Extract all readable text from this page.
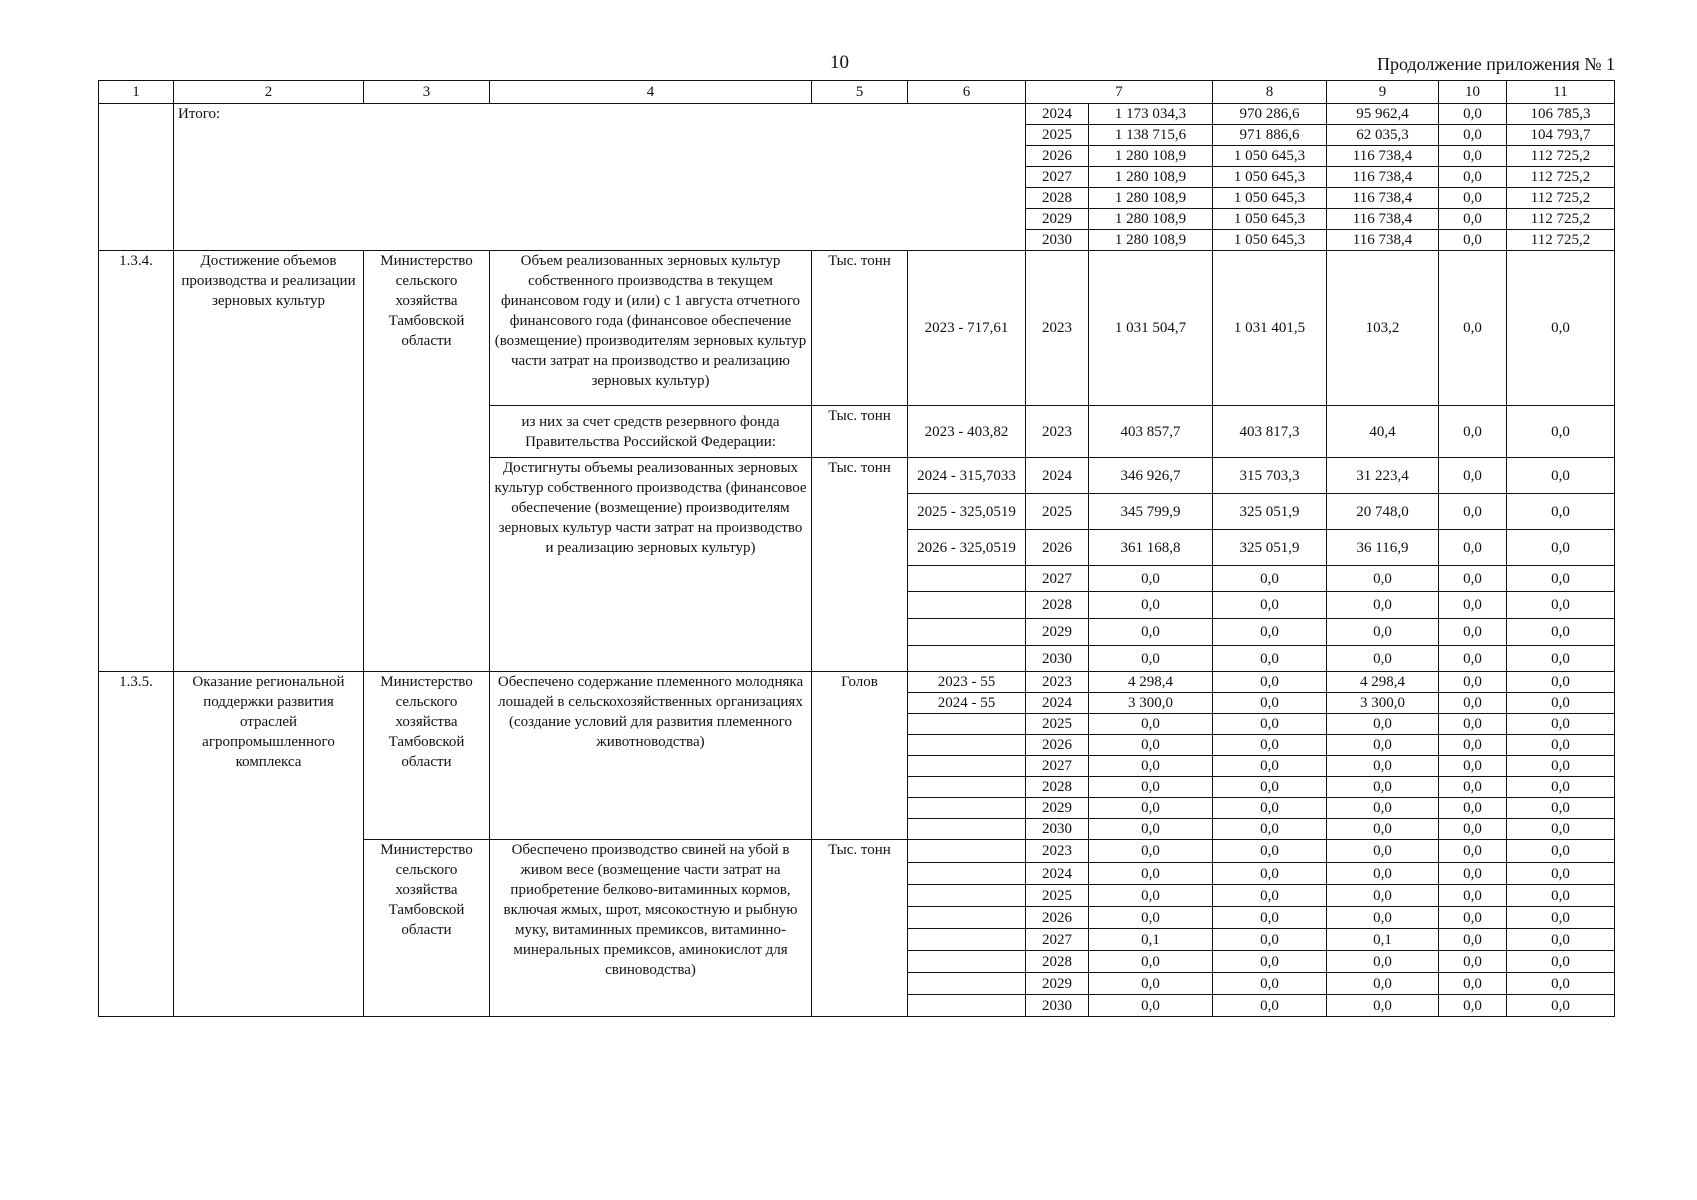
10	Продолжение приложения № 1
1	2	3	4	5	6	7		8	9	10	11
	Итого:					2024	1 173 034,3	970 286,6	95 962,4	0,0	106 785,3
						2025	1 138 715,6	971 886,6	62 035,3	0,0	104 793,7
						2026	1 280 108,9	1 050 645,3	116 738,4	0,0	112 725,2
						2027	1 280 108,9	1 050 645,3	116 738,4	0,0	112 725,2
						2028	1 280 108,9	1 050 645,3	116 738,4	0,0	112 725,2
						2029	1 280 108,9	1 050 645,3	116 738,4	0,0	112 725,2
						2030	1 280 108,9	1 050 645,3	116 738,4	0,0	112 725,2
1.3.4.	Достижение объемов производства и реализации зерновых культур	Министерство сельского хозяйства Тамбовской области	Объем реализованных зерновых культур собственного производства в текущем финансовом году и (или) с 1 августа отчетного финансового года (финансовое обеспечение (возмещение) производителям зерновых культур части затрат на производство и реализацию зерновых культур)	Тыс. тонн	2023 - 717,61	2023	1 031 504,7	1 031 401,5	103,2	0,0	0,0
			из них за счет средств резервного фонда Правительства Российской Федерации:	Тыс. тонн	2023 - 403,82	2023	403 857,7	403 817,3	40,4	0,0	0,0
			Достигнуты объемы реализованных зерновых культур собственного производства (финансовое обеспечение (возмещение) производителям зерновых культур части затрат на производство и реализацию зерновых культур)	Тыс. тонн	2024 - 315,7033	2024	346 926,7	315 703,3	31 223,4	0,0	0,0
					2025 - 325,0519	2025	345 799,9	325 051,9	20 748,0	0,0	0,0
					2026 - 325,0519	2026	361 168,8	325 051,9	36 116,9	0,0	0,0
						2027	0,0	0,0	0,0	0,0	0,0
						2028	0,0	0,0	0,0	0,0	0,0
						2029	0,0	0,0	0,0	0,0	0,0
						2030	0,0	0,0	0,0	0,0	0,0
1.3.5.	Оказание региональной поддержки развития отраслей агропромышленного комплекса	Министерство сельского хозяйства Тамбовской области	Обеспечено содержание племенного молодняка лошадей в сельскохозяйственных организациях (создание условий для развития племенного животноводства)	Голов	2023 - 55	2023	4 298,4	0,0	4 298,4	0,0	0,0
					2024 - 55	2024	3 300,0	0,0	3 300,0	0,0	0,0
						2025	0,0	0,0	0,0	0,0	0,0
						2026	0,0	0,0	0,0	0,0	0,0
						2027	0,0	0,0	0,0	0,0	0,0
						2028	0,0	0,0	0,0	0,0	0,0
						2029	0,0	0,0	0,0	0,0	0,0
						2030	0,0	0,0	0,0	0,0	0,0
		Министерство сельского хозяйства Тамбовской области	Обеспечено производство свиней на убой в живом весе (возмещение части затрат на приобретение белково-витаминных кормов, включая жмых, шрот, мясокостную и рыбную муку, витаминных премиксов, витаминно-минеральных премиксов, аминокислот для свиноводства)	Тыс. тонн		2023	0,0	0,0	0,0	0,0	0,0
						2024	0,0	0,0	0,0	0,0	0,0
						2025	0,0	0,0	0,0	0,0	0,0
						2026	0,0	0,0	0,0	0,0	0,0
						2027	0,1	0,0	0,1	0,0	0,0
						2028	0,0	0,0	0,0	0,0	0,0
						2029	0,0	0,0	0,0	0,0	0,0
						2030	0,0	0,0	0,0	0,0	0,0
